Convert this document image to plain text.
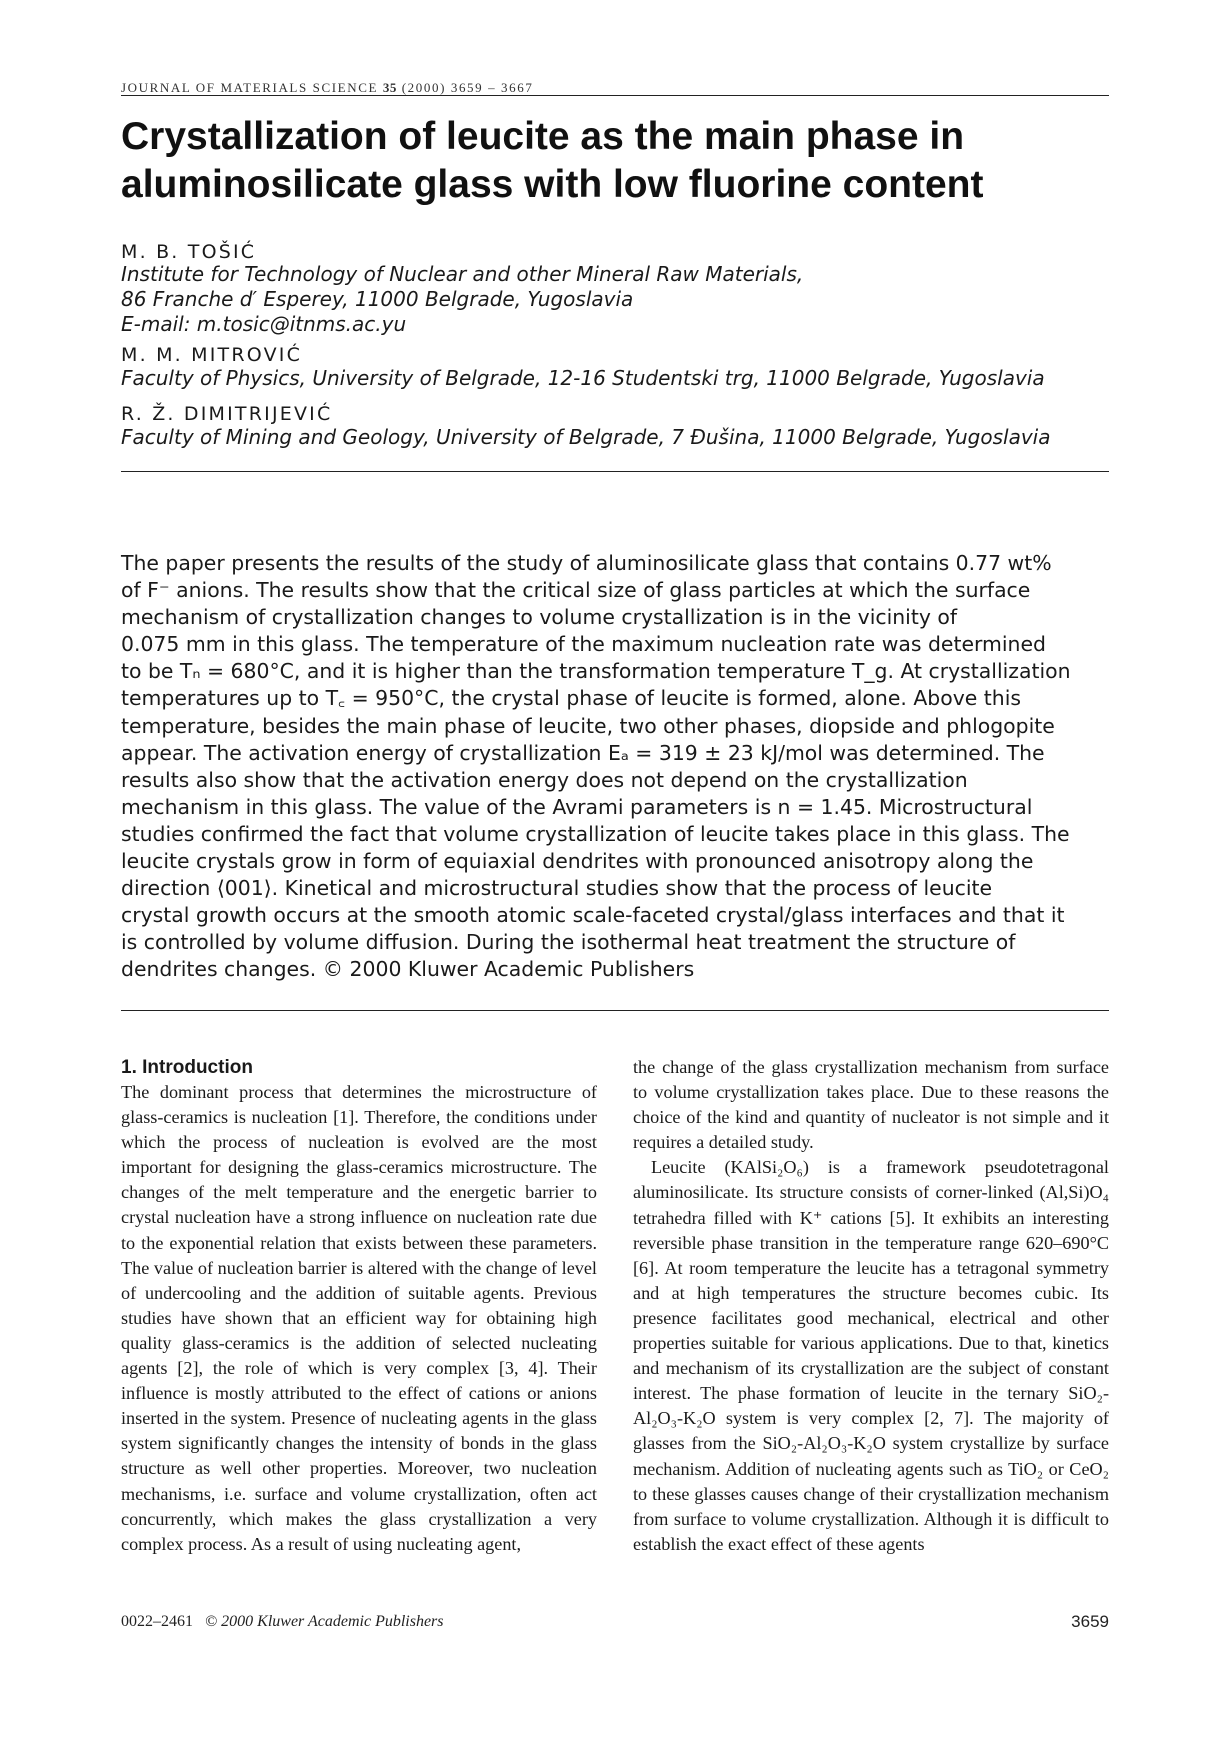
JOURNAL OF MATERIALS SCIENCE 35 (2000) 3659 – 3667
Crystallization of leucite as the main phase in
aluminosilicate glass with low fluorine content
M. B. TOŠIĆ
Institute for Technology of Nuclear and other Mineral Raw Materials,
86 Franche d′ Esperey, 11000 Belgrade, Yugoslavia
E-mail: m.tosic@itnms.ac.yu
M. M. MITROVIĆ
Faculty of Physics, University of Belgrade, 12-16 Studentski trg, 11000 Belgrade, Yugoslavia
R. Ž. DIMITRIJEVIĆ
Faculty of Mining and Geology, University of Belgrade, 7 Đušina, 11000 Belgrade, Yugoslavia
The paper presents the results of the study of aluminosilicate glass that contains 0.77 wt%
of F⁻ anions. The results show that the critical size of glass particles at which the surface
mechanism of crystallization changes to volume crystallization is in the vicinity of
0.075 mm in this glass. The temperature of the maximum nucleation rate was determined
to be Tₙ = 680°C, and it is higher than the transformation temperature T_g. At crystallization
temperatures up to T꜀ = 950°C, the crystal phase of leucite is formed, alone. Above this
temperature, besides the main phase of leucite, two other phases, diopside and phlogopite
appear. The activation energy of crystallization Eₐ = 319 ± 23 kJ/mol was determined. The
results also show that the activation energy does not depend on the crystallization
mechanism in this glass. The value of the Avrami parameters is n = 1.45. Microstructural
studies confirmed the fact that volume crystallization of leucite takes place in this glass. The
leucite crystals grow in form of equiaxial dendrites with pronounced anisotropy along the
direction ⟨001⟩. Kinetical and microstructural studies show that the process of leucite
crystal growth occurs at the smooth atomic scale-faceted crystal/glass interfaces and that it
is controlled by volume diffusion. During the isothermal heat treatment the structure of
dendrites changes. © 2000 Kluwer Academic Publishers
1. Introduction

The dominant process that determines the microstructure of glass-ceramics is nucleation [1]. Therefore, the conditions under which the process of nucleation is evolved are the most important for designing the glass-ceramics microstructure. The changes of the melt temperature and the energetic barrier to crystal nucleation have a strong influence on nucleation rate due to the exponential relation that exists between these parameters. The value of nucleation barrier is altered with the change of level of undercooling and the addition of suitable agents. Previous studies have shown that an efficient way for obtaining high quality glass-ceramics is the addition of selected nucleating agents [2], the role of which is very complex [3, 4]. Their influence is mostly attributed to the effect of cations or anions inserted in the system. Presence of nucleating agents in the glass system significantly changes the intensity of bonds in the glass structure as well other properties. Moreover, two nucleation mechanisms, i.e. surface and volume crystallization, often act concurrently, which makes the glass crystallization a very complex process. As a result of using nucleating agent,

the change of the glass crystallization mechanism from surface to volume crystallization takes place. Due to these reasons the choice of the kind and quantity of nucleator is not simple and it requires a detailed study.

Leucite (KAlSi₂O₆) is a framework pseudotetragonal aluminosilicate. Its structure consists of corner-linked (Al,Si)O₄ tetrahedra filled with K⁺ cations [5]. It exhibits an interesting reversible phase transition in the temperature range 620–690°C [6]. At room temperature the leucite has a tetragonal symmetry and at high temperatures the structure becomes cubic. Its presence facilitates good mechanical, electrical and other properties suitable for various applications. Due to that, kinetics and mechanism of its crystallization are the subject of constant interest. The phase formation of leucite in the ternary SiO₂-Al₂O₃-K₂O system is very complex [2, 7]. The majority of glasses from the SiO₂-Al₂O₃-K₂O system crystallize by surface mechanism. Addition of nucleating agents such as TiO₂ or CeO₂ to these glasses causes change of their crystallization mechanism from surface to volume crystallization. Although it is difficult to establish the exact effect of these agents

0022–2461 © 2000 Kluwer Academic Publishers	3659
